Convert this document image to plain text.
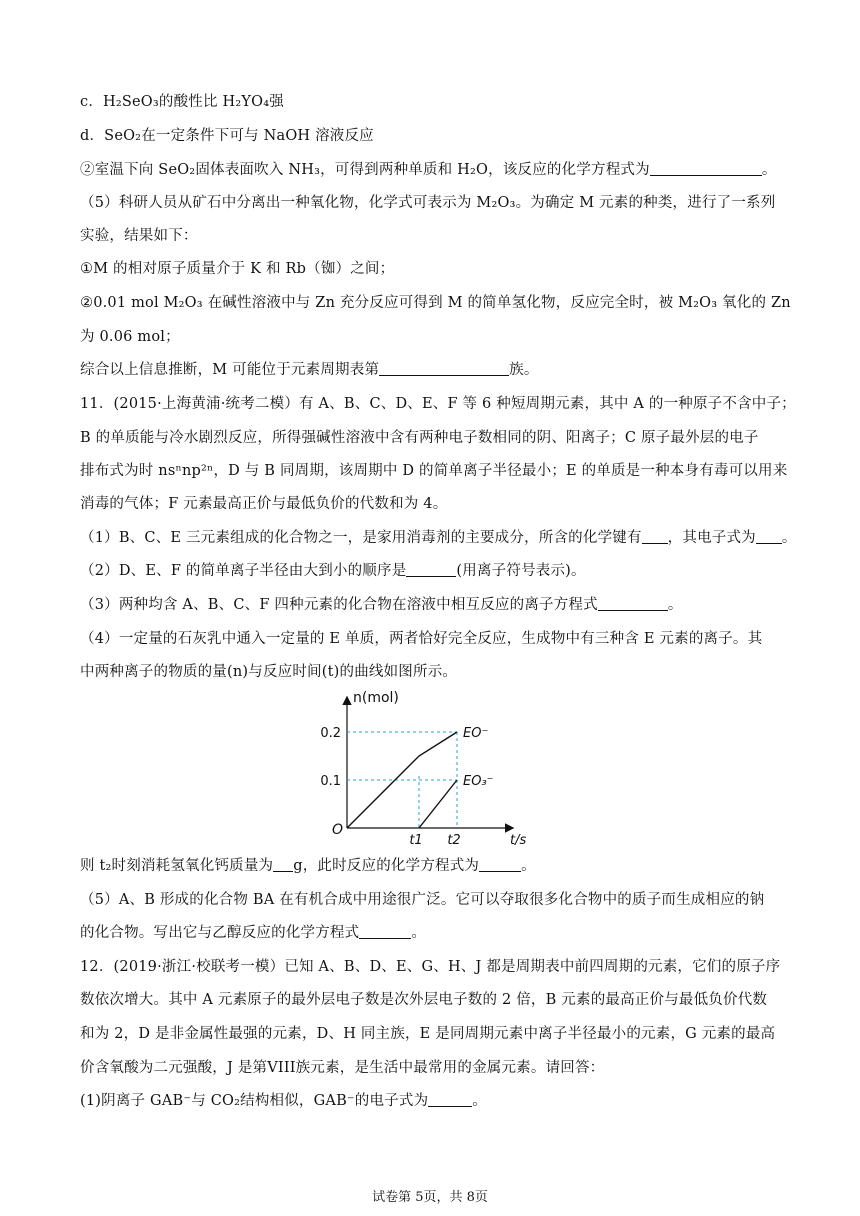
c．H₂SeO₃的酸性比 H₂YO₄强
d．SeO₂在一定条件下可与 NaOH 溶液反应
②室温下向 SeO₂固体表面吹入 NH₃，可得到两种单质和 H₂O，该反应的化学方程式为	。
（5）科研人员从矿石中分离出一种氧化物，化学式可表示为 M₂O₃。为确定 M 元素的种类，进行了一系列
实验，结果如下：
①M 的相对原子质量介于 K 和 Rb（铷）之间；
②0.01 mol M₂O₃ 在碱性溶液中与 Zn 充分反应可得到 M 的简单氢化物，反应完全时，被 M₂O₃ 氧化的 Zn
为 0.06 mol；
综合以上信息推断，M 可能位于元素周期表第	族。
11．(2015·上海黄浦·统考二模）有 A、B、C、D、E、F 等 6 种短周期元素，其中 A 的一种原子不含中子；
B 的单质能与冷水剧烈反应，所得强碱性溶液中含有两种电子数相同的阴、阳离子；C 原子最外层的电子
排布式为时 nsⁿnp²ⁿ，D 与 B 同周期，该周期中 D 的简单离子半径最小；E 的单质是一种本身有毒可以用来
消毒的气体；F 元素最高正价与最低负价的代数和为 4。
（1）B、C、E 三元素组成的化合物之一，是家用消毒剂的主要成分，所含的化学键有 ，其电子式为 。
（2）D、E、F 的简单离子半径由大到小的顺序是	(用离子符号表示)。
（3）两种均含 A、B、C、F 四种元素的化合物在溶液中相互反应的离子方程式	。
（4）一定量的石灰乳中通入一定量的 E 单质，两者恰好完全反应，生成物中有三种含 E 元素的离子。其
中两种离子的物质的量(n)与反应时间(t)的曲线如图所示。
EO⁻
EO₃⁻
n(mol)
t/s
O
0.1
0.2
t1 t2
则 t₂时刻消耗氢氧化钙质量为 g，此时反应的化学方程式为	。
（5）A、B 形成的化合物 BA 在有机合成中用途很广泛。它可以夺取很多化合物中的质子而生成相应的钠
的化合物。写出它与乙醇反应的化学方程式	。
12．(2019·浙江·校联考一模）已知 A、B、D、E、G、H、J 都是周期表中前四周期的元素，它们的原子序
数依次增大。其中 A 元素原子的最外层电子数是次外层电子数的 2 倍，B 元素的最高正价与最低负价代数
和为 2，D 是非金属性最强的元素，D、H 同主族，E 是同周期元素中离子半径最小的元素，G 元素的最高
价含氧酸为二元强酸，J 是第VIII族元素，是生活中最常用的金属元素。请回答：
(1)阴离子 GAB⁻与 CO₂结构相似，GAB⁻的电子式为	。
试卷第 5页，共 8页
